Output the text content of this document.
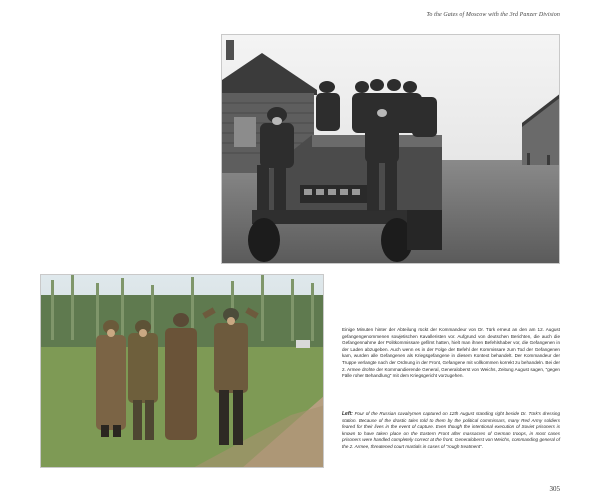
To the Gates of Moscow with the 3rd Panzer Division

Einige Minuten hinter der Abteilung rückt der Kommandeur von Dr. Türk erneut an den am 12. August gefangengenommenen sowjetischen Kavalleristen vor. Aufgrund von deutschen Berichten, die auch die Gefangennahme der Politkommissare gefilmt hatten, hielt man ihnen Befehlshaber vor, die Gefangenen in der Laden abzugeben. Auch wenn es in der Folge der Befehl der Kommissare zum Tod der Gefangenen kam, wurden alle Gefangenen als Kriegsgefangene in diesem Kontext behandelt. Der Kommandeur der Truppe verlangte nach der Ordnung in der Front, Gefangene mit vollkommen korrekt zu behandeln. Bei der 2. Armee drohte der Kommandierende General, Generaloberst von Weichs, Zeitung August sagen, "gegen Fälle roher Behandlung" mit dem Kriegsgericht vorzugehen.

Left: Four of the Russian cavalrymen captured on 12th August standing right beside Dr. Türk's dressing station. Because of the drastic tales told to them by the political commissars, many Red Army soldiers feared for their lives in the event of capture. Even though the intentional execution of Soviet prisoners is known to have taken place on the Eastern Front after massacres of German troops, in most cases prisoners were handled completely correct at the front. Generaloberst von Weichs, commanding general of the 2. Armee, threatened court martials in cases of "rough treatment".

305
